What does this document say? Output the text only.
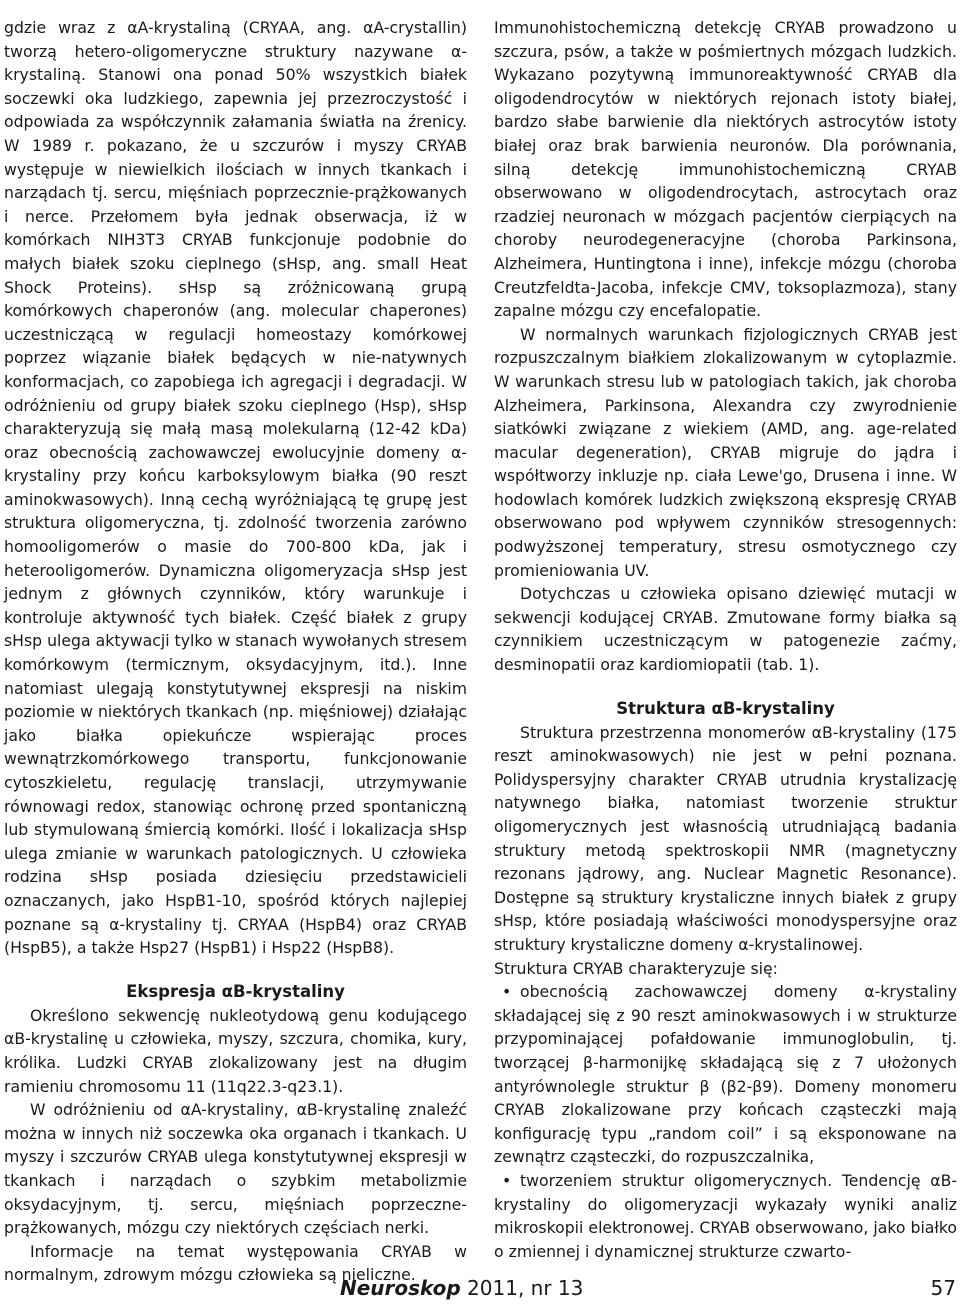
gdzie wraz z αA-krystaliną (CRYAA, ang. αA-crystallin) tworzą hetero-oligomeryczne struktury nazywane α-krystaliną. Stanowi ona ponad 50% wszystkich białek soczewki oka ludzkiego, zapewnia jej przezroczystość i odpowiada za współczynnik załamania światła na źrenicy. W 1989 r. pokazano, że u szczurów i myszy CRYAB występuje w niewielkich ilościach w innych tkankach i narządach tj. sercu, mięśniach poprzecznie-prążkowanych i nerce. Przełomem była jednak obserwacja, iż w komórkach NIH3T3 CRYAB funkcjonuje podobnie do małych białek szoku cieplnego (sHsp, ang. small Heat Shock Proteins). sHsp są zróżnicowaną grupą komórkowych chaperonów (ang. molecular chaperones) uczestniczącą w regulacji homeostazy komórkowej poprzez wiązanie białek będących w nie-natywnych konformacjach, co zapobiega ich agregacji i degradacji. W odróżnieniu od grupy białek szoku cieplnego (Hsp), sHsp charakteryzują się małą masą molekularną (12-42 kDa) oraz obecnością zachowawczej ewolucyjnie domeny α-krystaliny przy końcu karboksylowym białka (90 reszt aminokwasowych). Inną cechą wyróżniającą tę grupę jest struktura oligomeryczna, tj. zdolność tworzenia zarówno homooligomerów o masie do 700-800 kDa, jak i heterooligomerów. Dynamiczna oligomeryzacja sHsp jest jednym z głównych czynników, który warunkuje i kontroluje aktywność tych białek. Część białek z grupy sHsp ulega aktywacji tylko w stanach wywołanych stresem komórkowym (termicznym, oksydacyjnym, itd.). Inne natomiast ulegają konstytutywnej ekspresji na niskim poziomie w niektórych tkankach (np. mięśniowej) działając jako białka opiekuńcze wspierając proces wewnątrzkomórkowego transportu, funkcjonowanie cytoszkieletu, regulację translacji, utrzymywanie równowagi redox, stanowiąc ochronę przed spontaniczną lub stymulowaną śmiercią komórki. Ilość i lokalizacja sHsp ulega zmianie w warunkach patologicznych. U człowieka rodzina sHsp posiada dziesięciu przedstawicieli oznaczanych, jako HspB1-10, spośród których najlepiej poznane są α-krystaliny tj. CRYAA (HspB4) oraz CRYAB (HspB5), a także Hsp27 (HspB1) i Hsp22 (HspB8).

Ekspresja αB-krystaliny

Określono sekwencję nukleotydową genu kodującego αB-krystalinę u człowieka, myszy, szczura, chomika, kury, królika. Ludzki CRYAB zlokalizowany jest na długim ramieniu chromosomu 11 (11q22.3-q23.1).

W odróżnieniu od αA-krystaliny, αB-krystalinę znaleźć można w innych niż soczewka oka organach i tkankach. U myszy i szczurów CRYAB ulega konstytutywnej ekspresji w tkankach i narządach o szybkim metabolizmie oksydacyjnym, tj. sercu, mięśniach poprzeczne-prążkowanych, mózgu czy niektórych częściach nerki.

Informacje na temat występowania CRYAB w normalnym, zdrowym mózgu człowieka są nieliczne.

Immunohistochemiczną detekcję CRYAB prowadzono u szczura, psów, a także w pośmiertnych mózgach ludzkich. Wykazano pozytywną immunoreaktywność CRYAB dla oligodendrocytów w niektórych rejonach istoty białej, bardzo słabe barwienie dla niektórych astrocytów istoty białej oraz brak barwienia neuronów. Dla porównania, silną detekcję immunohistochemiczną CRYAB obserwowano w oligodendrocytach, astrocytach oraz rzadziej neuronach w mózgach pacjentów cierpiących na choroby neurodegeneracyjne (choroba Parkinsona, Alzheimera, Huntingtona i inne), infekcje mózgu (choroba Creutzfeldta-Jacoba, infekcje CMV, toksoplazmoza), stany zapalne mózgu czy encefalopatie.

W normalnych warunkach fizjologicznych CRYAB jest rozpuszczalnym białkiem zlokalizowanym w cytoplazmie. W warunkach stresu lub w patologiach takich, jak choroba Alzheimera, Parkinsona, Alexandra czy zwyrodnienie siatkówki związane z wiekiem (AMD, ang. age-related macular degeneration), CRYAB migruje do jądra i współtworzy inkluzje np. ciała Lewe'go, Drusena i inne. W hodowlach komórek ludzkich zwiększoną ekspresję CRYAB obserwowano pod wpływem czynników stresogennych: podwyższonej temperatury, stresu osmotycznego czy promieniowania UV.

Dotychczas u człowieka opisano dziewięć mutacji w sekwencji kodującej CRYAB. Zmutowane formy białka są czynnikiem uczestniczącym w patogenezie zaćmy, desminopatii oraz kardiomiopatii (tab. 1).

Struktura αB-krystaliny

Struktura przestrzenna monomerów αB-krystaliny (175 reszt aminokwasowych) nie jest w pełni poznana. Polidyspersyjny charakter CRYAB utrudnia krystalizację natywnego białka, natomiast tworzenie struktur oligomerycznych jest własnością utrudniającą badania struktury metodą spektroskopii NMR (magnetyczny rezonans jądrowy, ang. Nuclear Magnetic Resonance). Dostępne są struktury krystaliczne innych białek z grupy sHsp, które posiadają właściwości monodyspersyjne oraz struktury krystaliczne domeny α-krystalinowej.

Struktura CRYAB charakteryzuje się:

• obecnością zachowawczej domeny α-krystaliny składającej się z 90 reszt aminokwasowych i w strukturze przypominającej pofałdowanie immunoglobulin, tj. tworzącej β-harmonijkę składającą się z 7 ułożonych antyrównolegle struktur β (β2-β9). Domeny monomeru CRYAB zlokalizowane przy końcach cząsteczki mają konfigurację typu „random coil” i są eksponowane na zewnątrz cząsteczki, do rozpuszczalnika,

• tworzeniem struktur oligomerycznych. Tendencję αB-krystaliny do oligomeryzacji wykazały wyniki analiz mikroskopii elektronowej. CRYAB obserwowano, jako białko o zmiennej i dynamicznej strukturze czwarto-

Neuroskop 2011, nr 13	57
